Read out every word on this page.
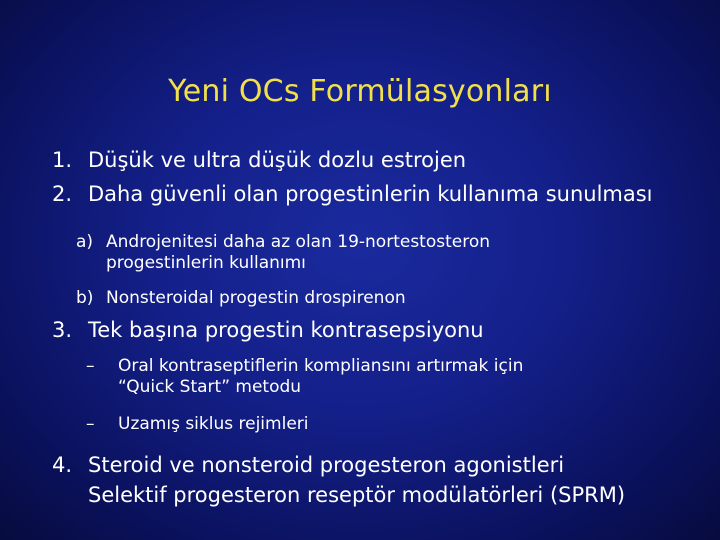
Yeni OCs Formülasyonları
1. Düşük ve ultra düşük dozlu estrojen
2. Daha güvenli olan progestinlerin kullanıma sunulması
a) Androjenitesi daha az olan 19-nortestosteron
progestinlerin kullanımı
b) Nonsteroidal progestin drospirenon
3. Tek başına progestin kontrasepsiyonu
– Oral kontraseptiflerin kompliansını artırmak için
“Quick Start” metodu
– Uzamış siklus rejimleri
4. Steroid ve nonsteroid progesteron agonistleri
Selektif progesteron reseptör modülatörleri (SPRM)
